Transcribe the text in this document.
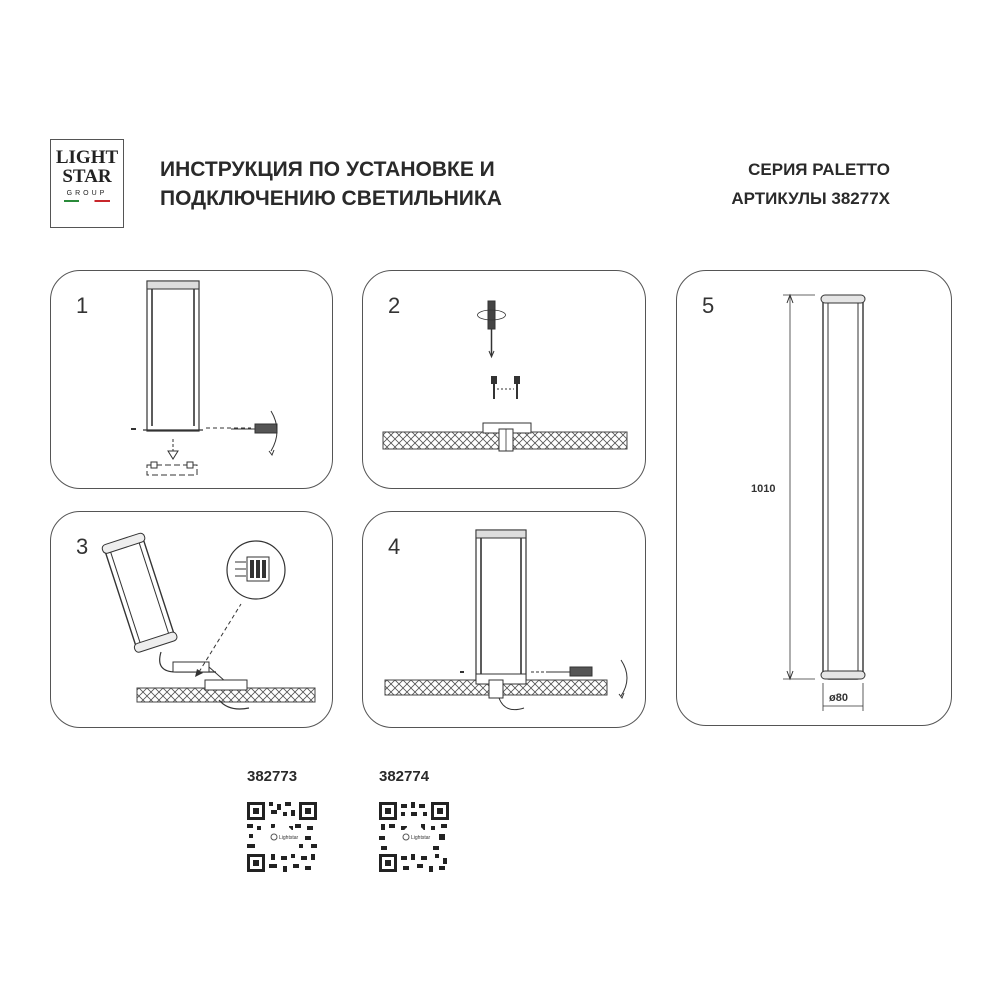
LIGHT
STAR
GROUP
ИНСТРУКЦИЯ ПО УСТАНОВКЕ И
ПОДКЛЮЧЕНИЮ СВЕТИЛЬНИКА
СЕРИЯ PALETTO
АРТИКУЛЫ 38277X
1	2	5
1010
ø80
3	4
382773	382774
Lightstar	Lightstar
